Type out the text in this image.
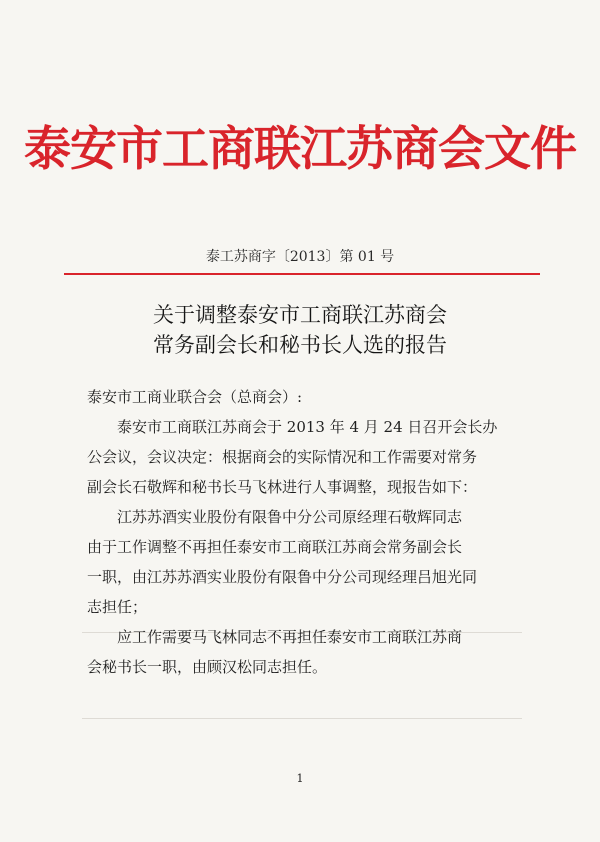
泰安市工商联江苏商会文件
泰工苏商字〔2013〕第 01 号
关于调整泰安市工商联江苏商会
常务副会长和秘书长人选的报告

泰安市工商业联合会（总商会）:

泰安市工商联江苏商会于 2013 年 4 月 24 日召开会长办

公会议，会议决定：根据商会的实际情况和工作需要对常务

副会长石敬辉和秘书长马飞林进行人事调整，现报告如下：

江苏苏酒实业股份有限鲁中分公司原经理石敬辉同志

由于工作调整不再担任泰安市工商联江苏商会常务副会长

一职，由江苏苏酒实业股份有限鲁中分公司现经理吕旭光同

志担任；

应工作需要马飞林同志不再担任泰安市工商联江苏商

会秘书长一职，由顾汉松同志担任。

1
